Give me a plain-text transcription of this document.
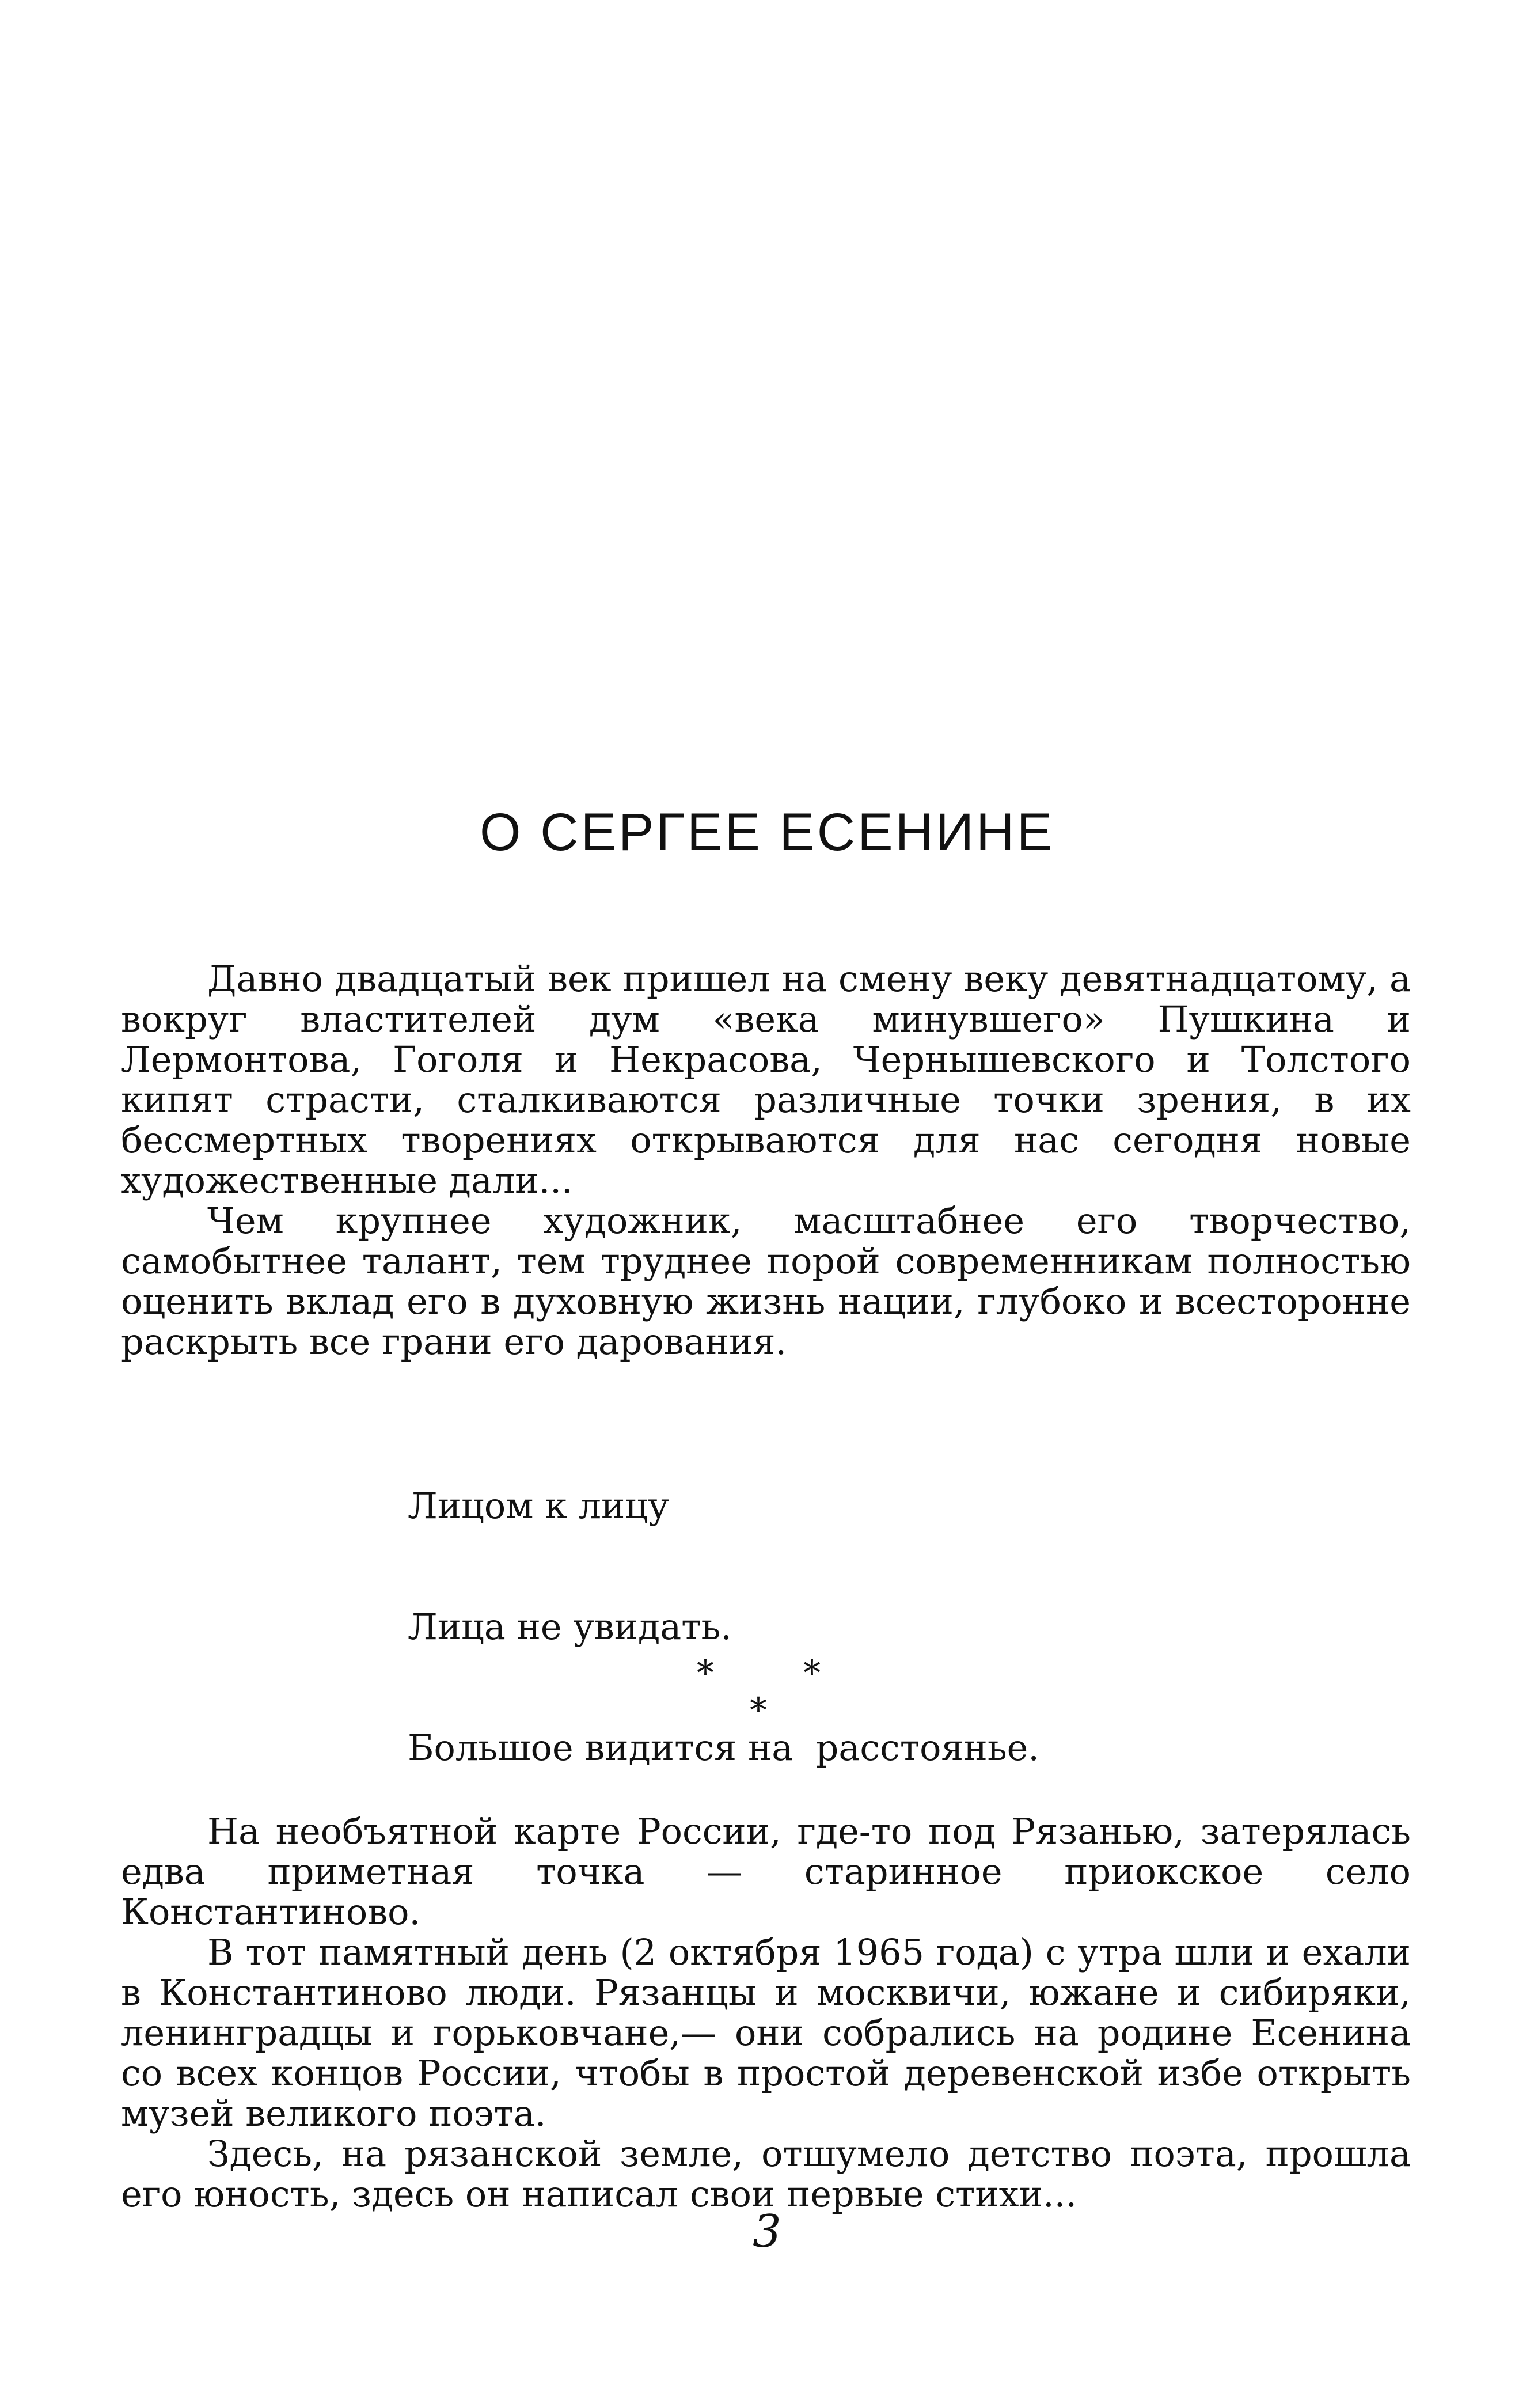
О СЕРГЕЕ ЕСЕНИНЕ

Давно двадцатый век пришел на смену веку девятнадцатому, а вокруг властителей дум «века минувшего» Пушкина и Лермонтова, Гоголя и Некрасова, Чернышевского и Толстого кипят страсти, сталкиваются различные точки зрения, в их бессмертных творениях открываются для нас сегодня новые художественные дали...

Чем крупнее художник, масштабнее его творчество, самобытнее талант, тем труднее порой современникам полностью оценить вклад его в духовную жизнь нации, глубоко и всесторонне раскрыть все грани его дарования.

Лицом к лицу

Лица не увидать.

Большое видится на  расстоянье.

*	*
*

На необъятной карте России, где-то под Рязанью, затерялась едва приметная точка — старинное приокское село Константиново.

В тот памятный день (2 октября 1965 года) с утра шли и ехали в Константиново люди. Рязанцы и москвичи, южане и сибиряки, ленинградцы и горьковчане,— они собрались на родине Есенина со всех концов России, чтобы в простой деревенской избе открыть музей великого поэта.

Здесь, на рязанской земле, отшумело детство поэта, прошла его юность, здесь он написал свои первые стихи...

3
